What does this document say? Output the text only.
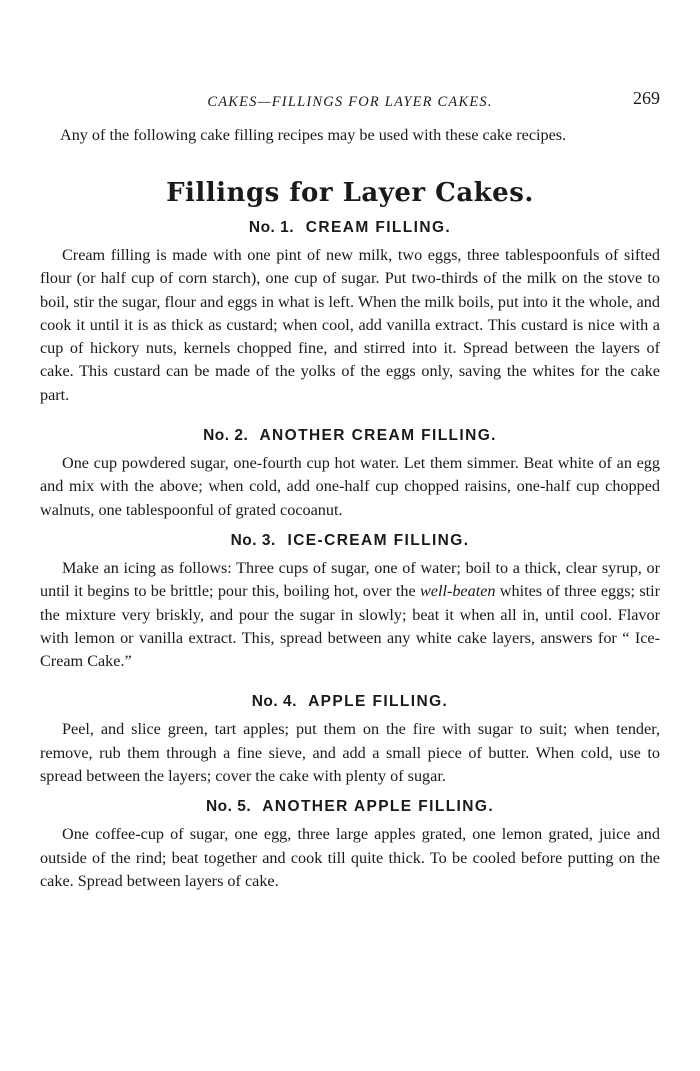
CAKES—FILLINGS FOR LAYER CAKES.	269
Any of the following cake filling recipes may be used with these cake recipes.
Fillings for Layer Cakes.
No. 1. CREAM FILLING.

Cream filling is made with one pint of new milk, two eggs, three tablespoonfuls of sifted flour (or half cup of corn starch), one cup of sugar. Put two-thirds of the milk on the stove to boil, stir the sugar, flour and eggs in what is left. When the milk boils, put into it the whole, and cook it until it is as thick as custard; when cool, add vanilla extract. This custard is nice with a cup of hickory nuts, kernels chopped fine, and stirred into it. Spread between the layers of cake. This custard can be made of the yolks of the eggs only, saving the whites for the cake part.

No. 2. ANOTHER CREAM FILLING.

One cup powdered sugar, one-fourth cup hot water. Let them simmer. Beat white of an egg and mix with the above; when cold, add one-half cup chopped raisins, one-half cup chopped walnuts, one tablespoonful of grated cocoanut.

No. 3. ICE-CREAM FILLING.

Make an icing as follows: Three cups of sugar, one of water; boil to a thick, clear syrup, or until it begins to be brittle; pour this, boiling hot, over the well-beaten whites of three eggs; stir the mixture very briskly, and pour the sugar in slowly; beat it when all in, until cool. Flavor with lemon or vanilla extract. This, spread between any white cake layers, answers for “ Ice-Cream Cake.”

No. 4. APPLE FILLING.

Peel, and slice green, tart apples; put them on the fire with sugar to suit; when tender, remove, rub them through a fine sieve, and add a small piece of butter. When cold, use to spread between the layers; cover the cake with plenty of sugar.

No. 5. ANOTHER APPLE FILLING.

One coffee-cup of sugar, one egg, three large apples grated, one lemon grated, juice and outside of the rind; beat together and cook till quite thick. To be cooled before putting on the cake. Spread between layers of cake.
